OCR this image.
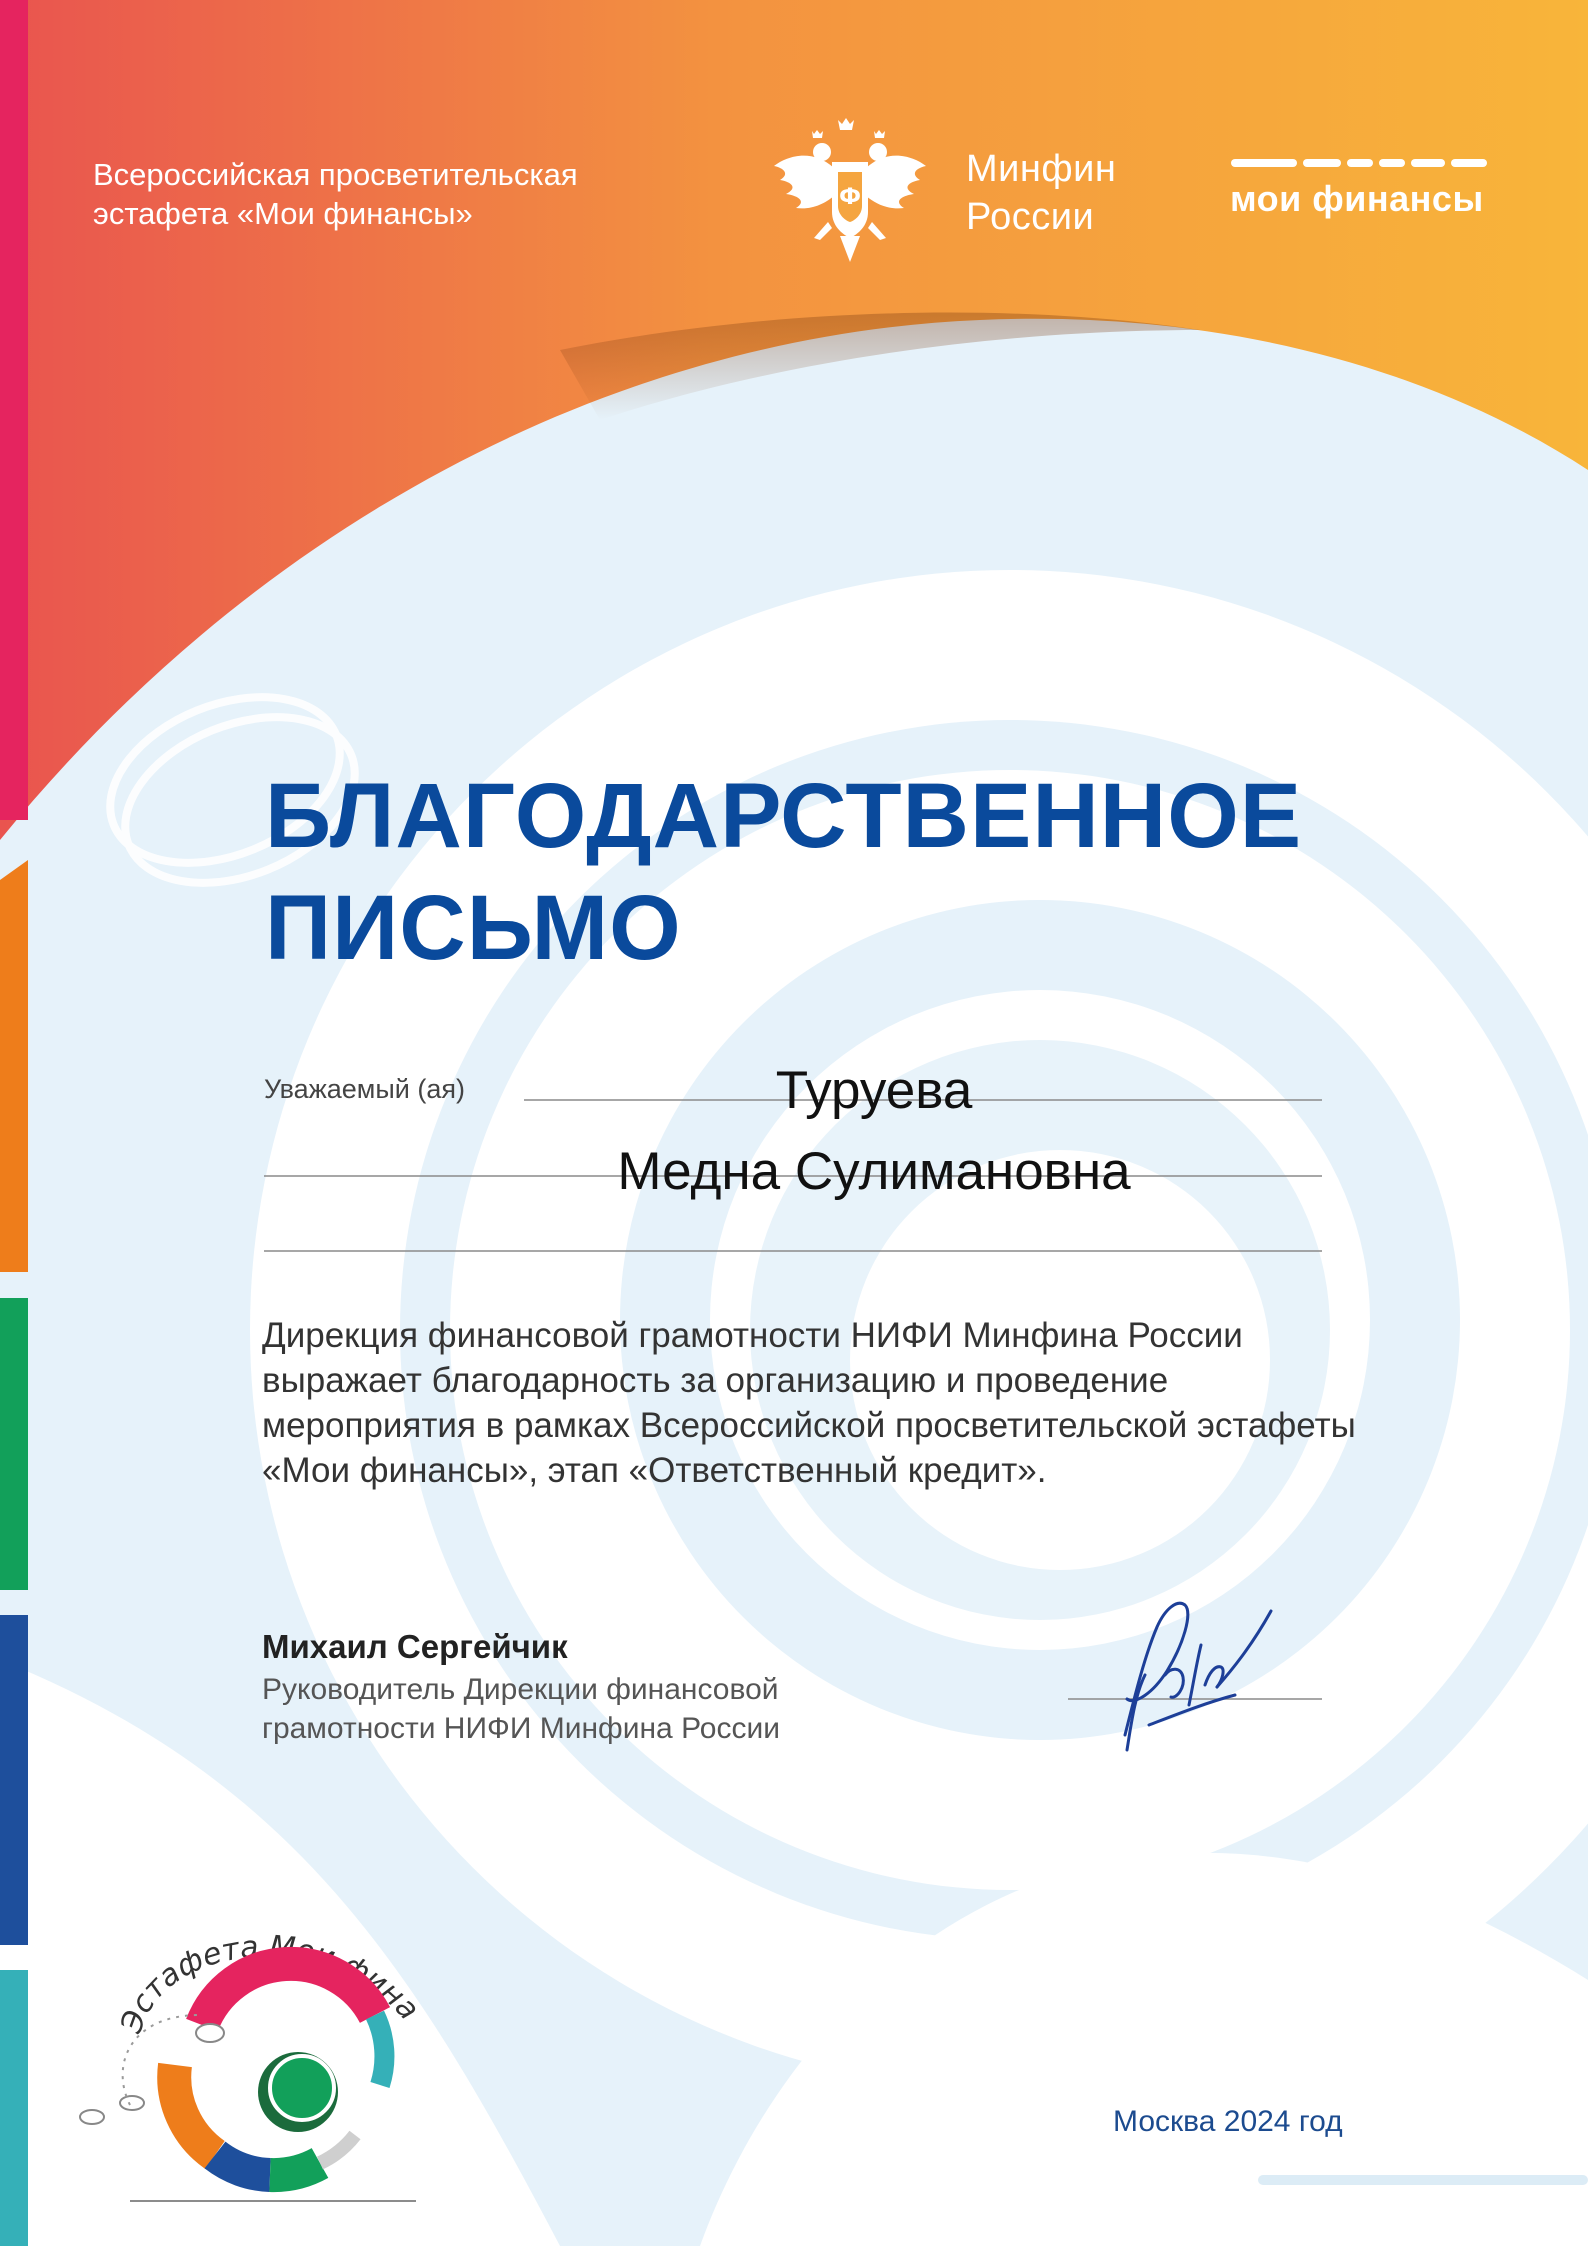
Всероссийская просветительская
эстафета «Мои финансы»	Ф
Минфин
России	мои финансы
БЛАГОДАРСТВЕННОЕ
ПИСЬМО
Уважаемый (ая)	Туруева
Медна Сулимановна
Дирекция финансовой грамотности НИФИ Минфина России выражает благодарность за организацию и проведение мероприятия в рамках Всероссийской просветительской эстафеты «Мои финансы», этап «Ответственный кредит».
Михаил Сергейчик
Руководитель Дирекции финансовой
грамотности НИФИ Минфина России
Эстафета Мои фина
Москва 2024 год
